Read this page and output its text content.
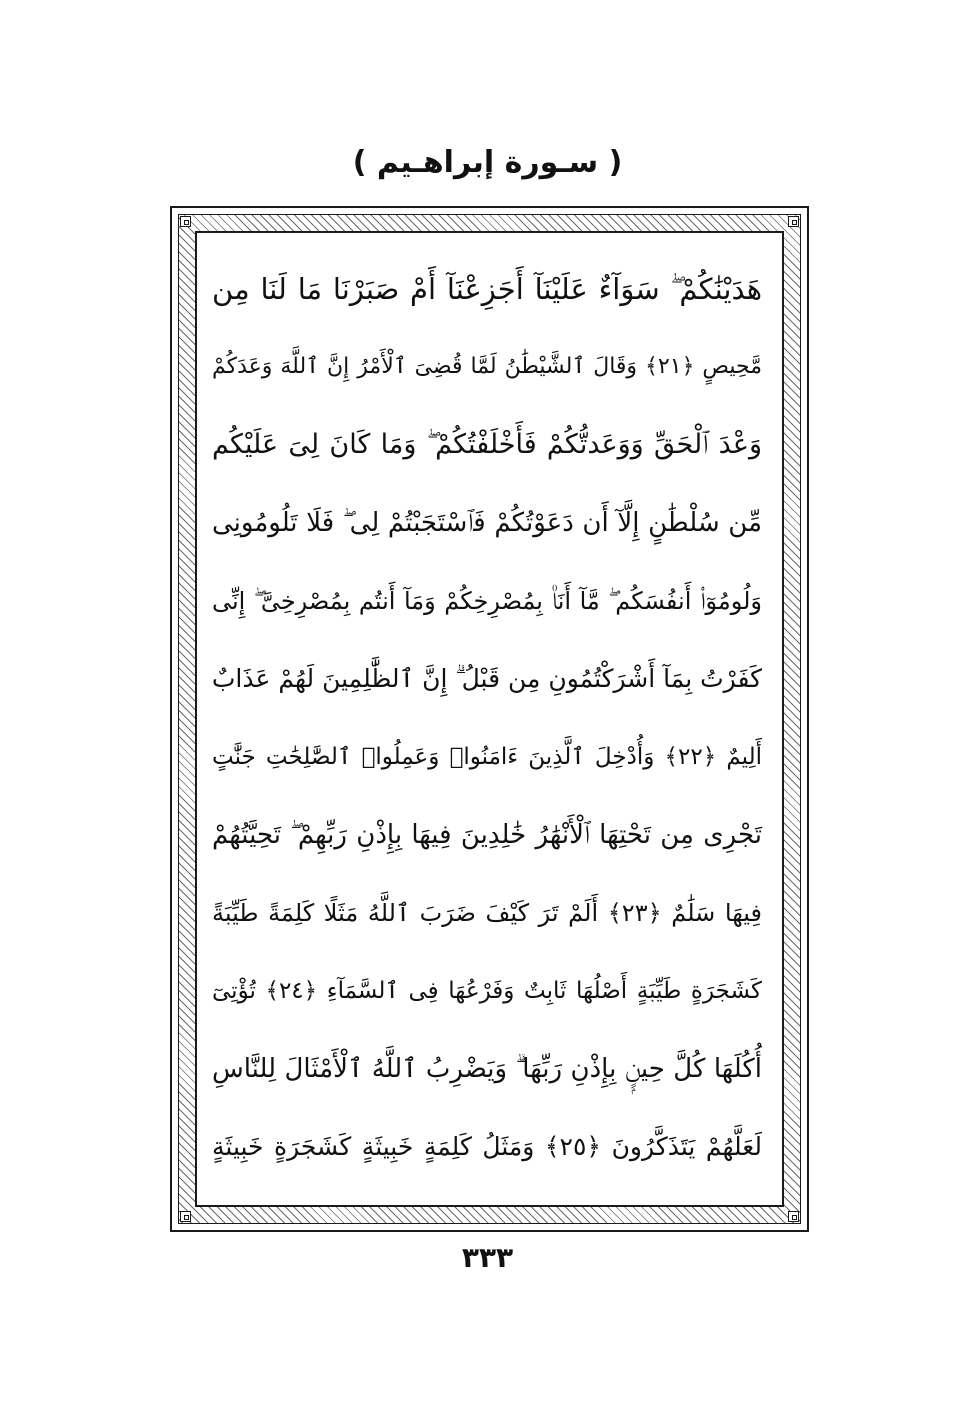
( سـورة إبراهـيم )
هَدَيْنَٰكُمْ ۖ سَوَآءٌ عَلَيْنَآ أَجَزِعْنَآ أَمْ صَبَرْنَا مَا لَنَا مِن
مَّحِيصٍ ﴿٢١﴾ وَقَالَ ٱلشَّيْطَٰنُ لَمَّا قُضِىَ ٱلْأَمْرُ إِنَّ ٱللَّهَ وَعَدَكُمْ
وَعْدَ ٱلْحَقِّ وَوَعَدتُّكُمْ فَأَخْلَفْتُكُمْ ۖ وَمَا كَانَ لِىَ عَلَيْكُم
مِّن سُلْطَٰنٍ إِلَّآ أَن دَعَوْتُكُمْ فَٱسْتَجَبْتُمْ لِى ۖ فَلَا تَلُومُونِى
وَلُومُوٓا۟ أَنفُسَكُم ۖ مَّآ أَنَا۠ بِمُصْرِخِكُمْ وَمَآ أَنتُم بِمُصْرِخِىَّ ۖ إِنِّى
كَفَرْتُ بِمَآ أَشْرَكْتُمُونِ مِن قَبْلُ ۗ إِنَّ ٱلظَّٰلِمِينَ لَهُمْ عَذَابٌ
أَلِيمٌ ﴿٢٢﴾ وَأُدْخِلَ ٱلَّذِينَ ءَامَنُوا۟ وَعَمِلُوا۟ ٱلصَّٰلِحَٰتِ جَنَّٰتٍ
تَجْرِى مِن تَحْتِهَا ٱلْأَنْهَٰرُ خَٰلِدِينَ فِيهَا بِإِذْنِ رَبِّهِمْ ۖ تَحِيَّتُهُمْ
فِيهَا سَلَٰمٌ ﴿٢٣﴾ أَلَمْ تَرَ كَيْفَ ضَرَبَ ٱللَّهُ مَثَلًا كَلِمَةً طَيِّبَةً
كَشَجَرَةٍ طَيِّبَةٍ أَصْلُهَا ثَابِتٌ وَفَرْعُهَا فِى ٱلسَّمَآءِ ﴿٢٤﴾ تُؤْتِىٓ
أُكُلَهَا كُلَّ حِينٍۭ بِإِذْنِ رَبِّهَا ۗ وَيَضْرِبُ ٱللَّهُ ٱلْأَمْثَالَ لِلنَّاسِ
لَعَلَّهُمْ يَتَذَكَّرُونَ ﴿٢٥﴾ وَمَثَلُ كَلِمَةٍ خَبِيثَةٍ كَشَجَرَةٍ خَبِيثَةٍ
٣٣٣
